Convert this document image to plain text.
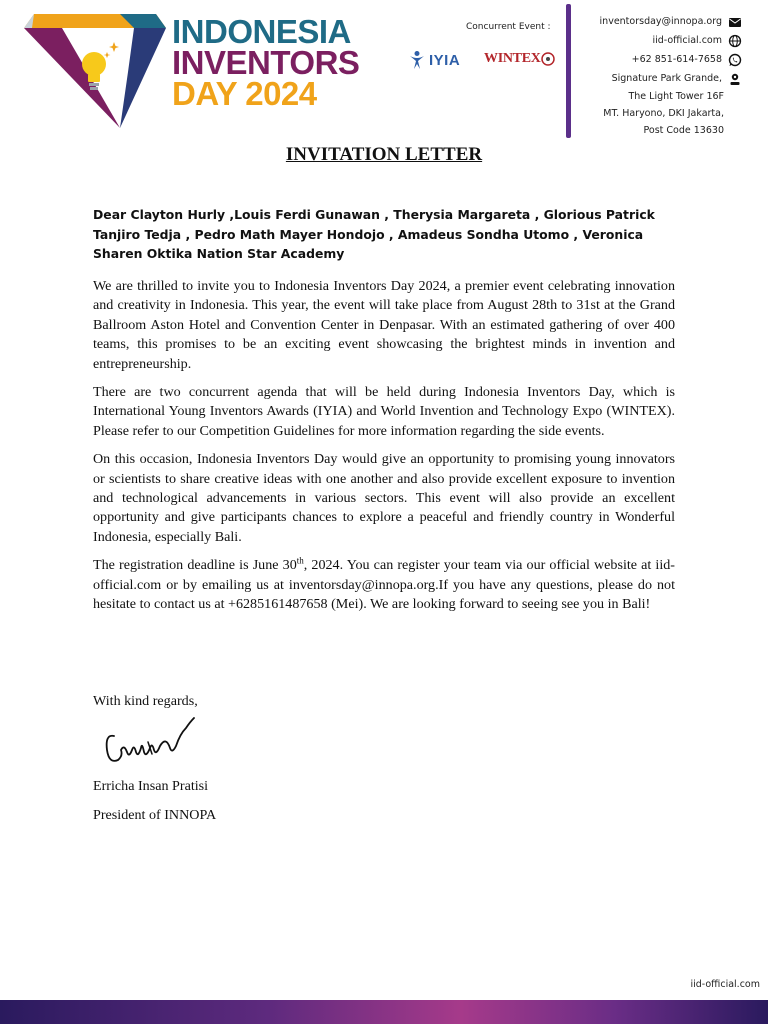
INDONESIA
INVENTORS
DAY 2024
Concurrent Event :
IYIA WINTEX
inventorsday@innopa.org
iid-official.com
+62 851-614-7658
Signature Park Grande,
The Light Tower 16F
MT. Haryono, DKI Jakarta,
Post Code 13630
INVITATION LETTER
Dear Clayton Hurly ,Louis Ferdi Gunawan , Therysia Margareta , Glorious Patrick Tanjiro Tedja , Pedro Math Mayer Hondojo , Amadeus Sondha Utomo , Veronica Sharen Oktika Nation Star Academy

We are thrilled to invite you to Indonesia Inventors Day 2024, a premier event celebrating innovation and creativity in Indonesia. This year, the event will take place from August 28th to 31st at the Grand Ballroom Aston Hotel and Convention Center in Denpasar. With an estimated gathering of over 400 teams, this promises to be an exciting event showcasing the brightest minds in invention and entrepreneurship.

There are two concurrent agenda that will be held during Indonesia Inventors Day, which is International Young Inventors Awards (IYIA) and World Invention and Technology Expo (WINTEX). Please refer to our Competition Guidelines for more information regarding the side events.

On this occasion, Indonesia Inventors Day would give an opportunity to promising young innovators or scientists to share creative ideas with one another and also provide excellent exposure to invention and technological advancements in various sectors. This event will also provide an excellent opportunity and give participants chances to explore a peaceful and friendly country in Wonderful Indonesia, especially Bali.

The registration deadline is June 30th, 2024. You can register your team via our official website at iid-official.com or by emailing us at inventorsday@innopa.org.If you have any questions, please do not hesitate to contact us at +6285161487658 (Mei). We are looking forward to seeing see you in Bali!

With kind regards,
Erricha Insan Pratisi
President of INNOPA
iid-official.com
